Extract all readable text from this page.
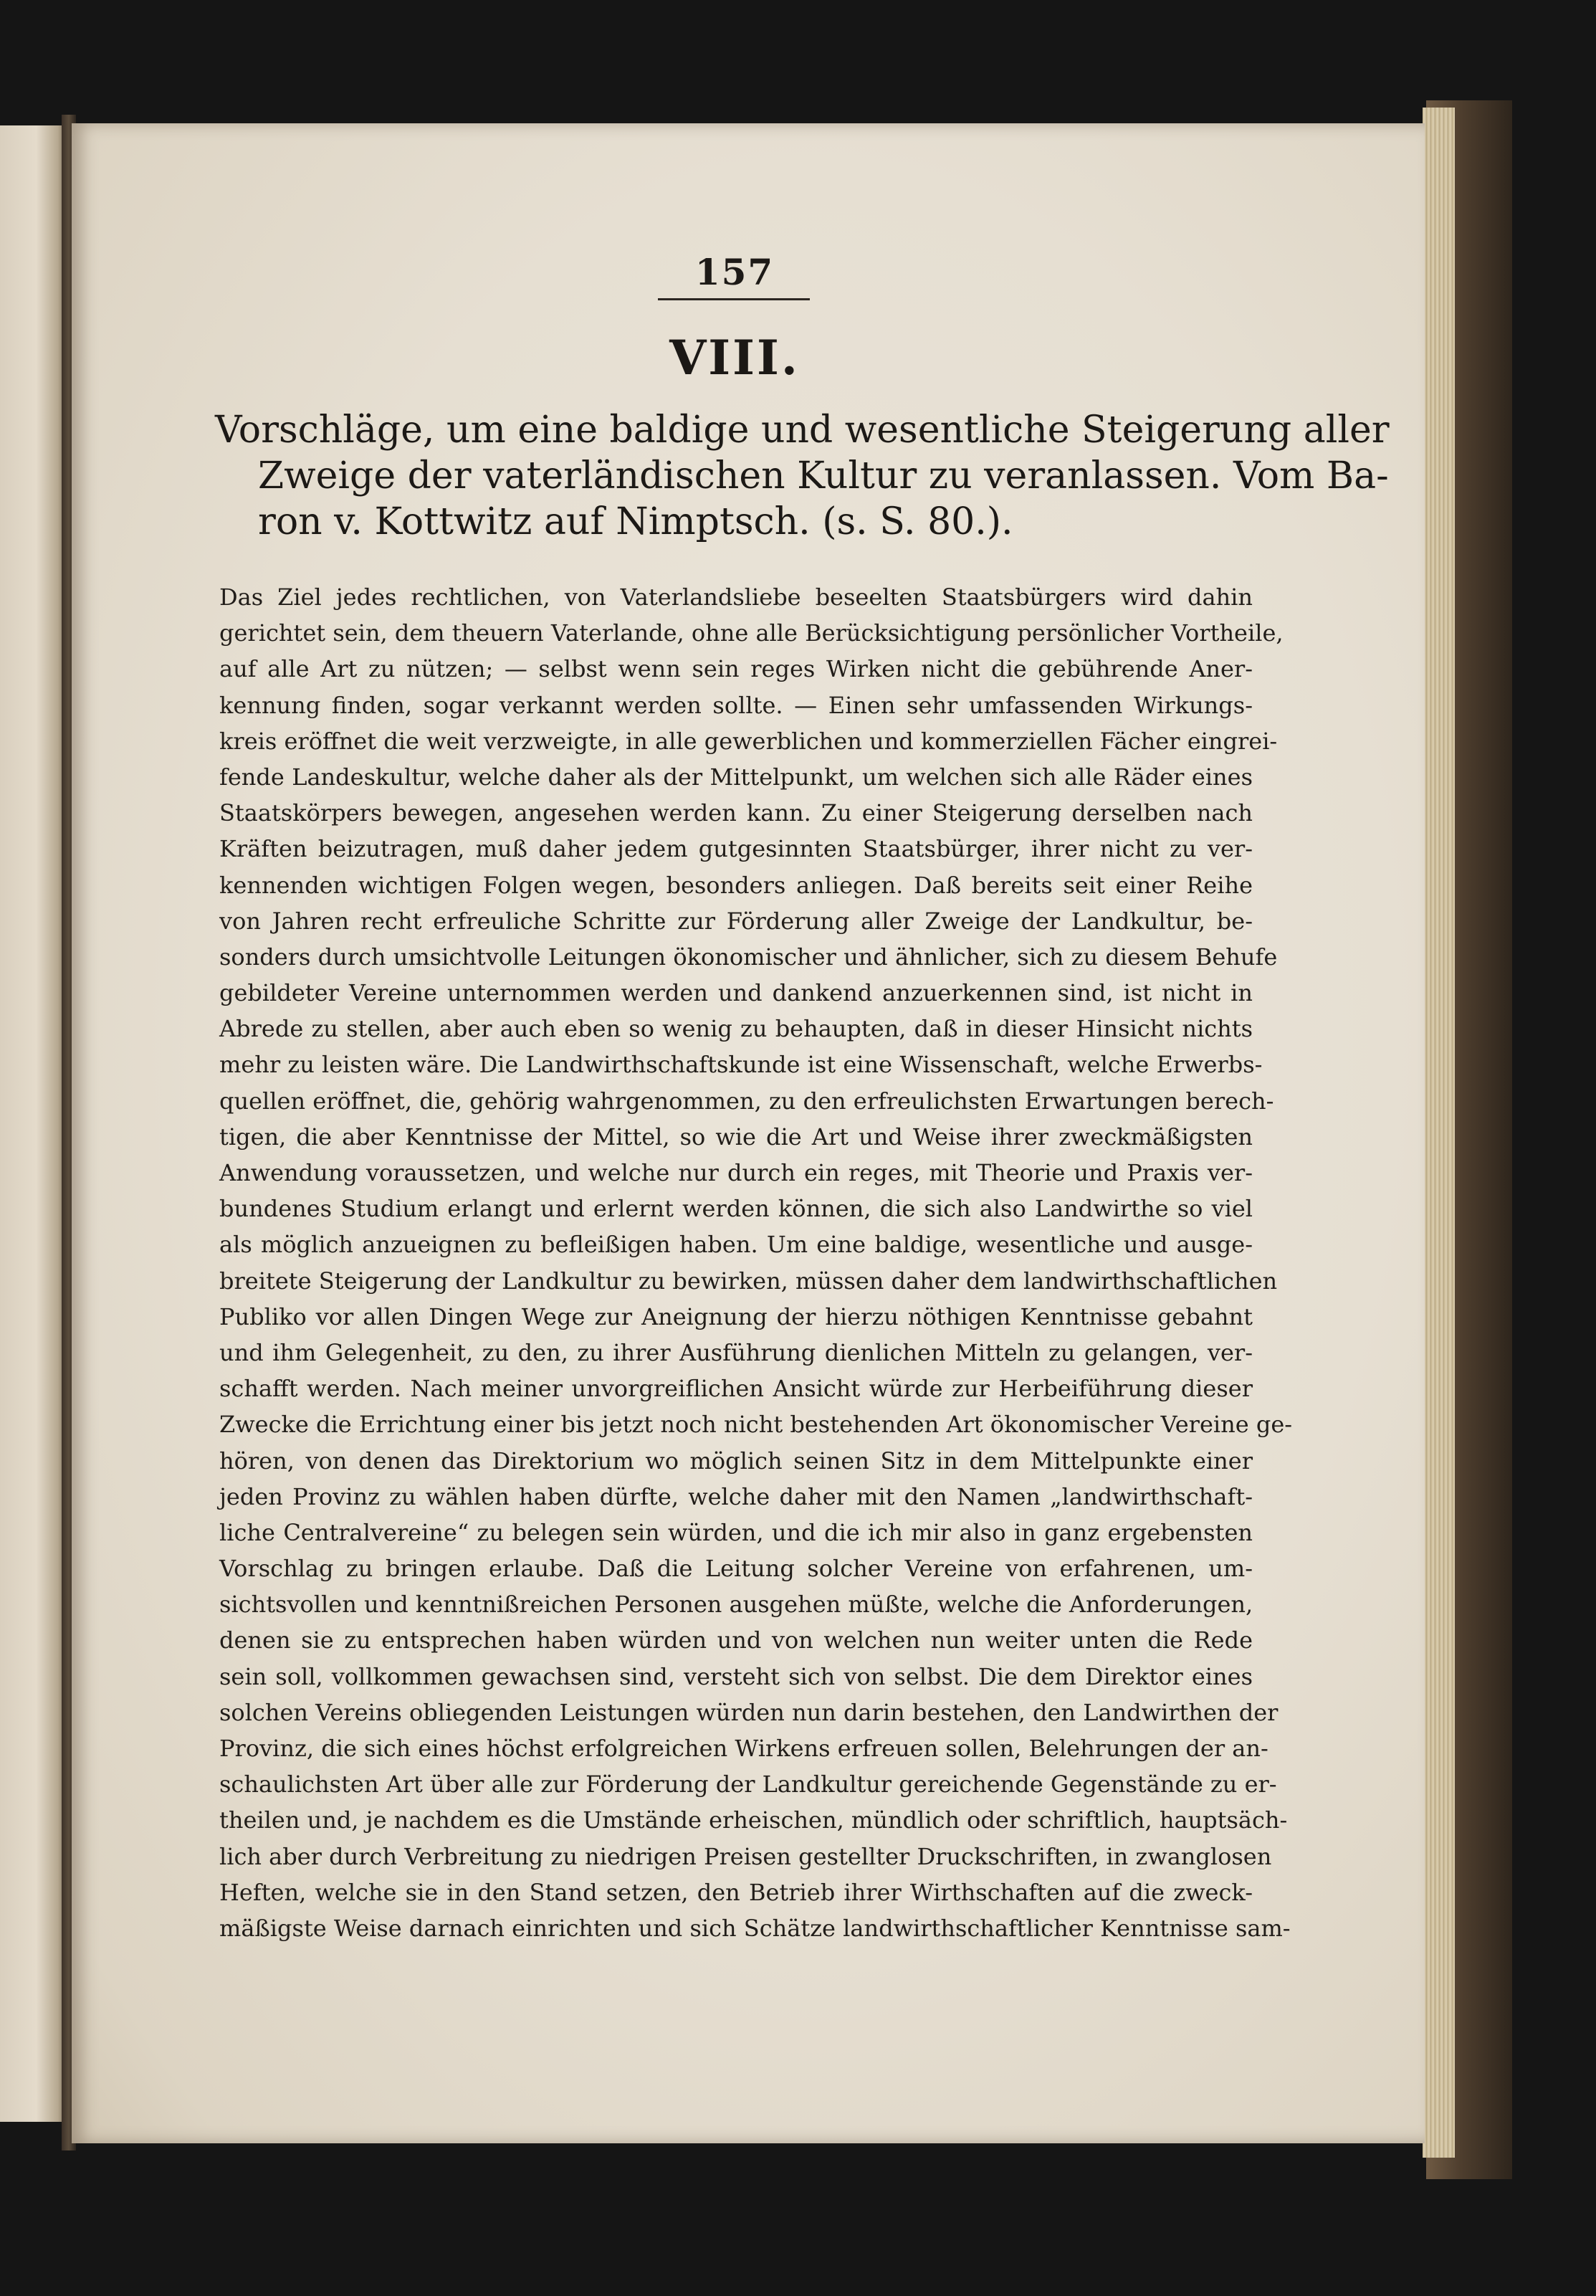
157
VIII.
Vorschläge, um eine baldige und wesentliche Steigerung aller
Zweige der vaterländischen Kultur zu veranlassen. Vom Ba-
ron v. Kottwitz auf Nimptsch. (s. S. 80.).
Das Ziel jedes rechtlichen, von Vaterlandsliebe beseelten Staatsbürgers wird dahin
gerichtet sein, dem theuern Vaterlande, ohne alle Berücksichtigung persönlicher Vortheile,
auf alle Art zu nützen; — selbst wenn sein reges Wirken nicht die gebührende Aner-
kennung finden, sogar verkannt werden sollte. — Einen sehr umfassenden Wirkungs-
kreis eröffnet die weit verzweigte, in alle gewerblichen und kommerziellen Fächer eingrei-
fende Landeskultur, welche daher als der Mittelpunkt, um welchen sich alle Räder eines
Staatskörpers bewegen, angesehen werden kann. Zu einer Steigerung derselben nach
Kräften beizutragen, muß daher jedem gutgesinnten Staatsbürger, ihrer nicht zu ver-
kennenden wichtigen Folgen wegen, besonders anliegen. Daß bereits seit einer Reihe
von Jahren recht erfreuliche Schritte zur Förderung aller Zweige der Landkultur, be-
sonders durch umsichtvolle Leitungen ökonomischer und ähnlicher, sich zu diesem Behufe
gebildeter Vereine unternommen werden und dankend anzuerkennen sind, ist nicht in
Abrede zu stellen, aber auch eben so wenig zu behaupten, daß in dieser Hinsicht nichts
mehr zu leisten wäre. Die Landwirthschaftskunde ist eine Wissenschaft, welche Erwerbs-
quellen eröffnet, die, gehörig wahrgenommen, zu den erfreulichsten Erwartungen berech-
tigen, die aber Kenntnisse der Mittel, so wie die Art und Weise ihrer zweckmäßigsten
Anwendung voraussetzen, und welche nur durch ein reges, mit Theorie und Praxis ver-
bundenes Studium erlangt und erlernt werden können, die sich also Landwirthe so viel
als möglich anzueignen zu befleißigen haben. Um eine baldige, wesentliche und ausge-
breitete Steigerung der Landkultur zu bewirken, müssen daher dem landwirthschaftlichen
Publiko vor allen Dingen Wege zur Aneignung der hierzu nöthigen Kenntnisse gebahnt
und ihm Gelegenheit, zu den, zu ihrer Ausführung dienlichen Mitteln zu gelangen, ver-
schafft werden. Nach meiner unvorgreiflichen Ansicht würde zur Herbeiführung dieser
Zwecke die Errichtung einer bis jetzt noch nicht bestehenden Art ökonomischer Vereine ge-
hören, von denen das Direktorium wo möglich seinen Sitz in dem Mittelpunkte einer
jeden Provinz zu wählen haben dürfte, welche daher mit den Namen „landwirthschaft-
liche Centralvereine“ zu belegen sein würden, und die ich mir also in ganz ergebensten
Vorschlag zu bringen erlaube. Daß die Leitung solcher Vereine von erfahrenen, um-
sichtsvollen und kenntnißreichen Personen ausgehen müßte, welche die Anforderungen,
denen sie zu entsprechen haben würden und von welchen nun weiter unten die Rede
sein soll, vollkommen gewachsen sind, versteht sich von selbst. Die dem Direktor eines
solchen Vereins obliegenden Leistungen würden nun darin bestehen, den Landwirthen der
Provinz, die sich eines höchst erfolgreichen Wirkens erfreuen sollen, Belehrungen der an-
schaulichsten Art über alle zur Förderung der Landkultur gereichende Gegenstände zu er-
theilen und, je nachdem es die Umstände erheischen, mündlich oder schriftlich, hauptsäch-
lich aber durch Verbreitung zu niedrigen Preisen gestellter Druckschriften, in zwanglosen
Heften, welche sie in den Stand setzen, den Betrieb ihrer Wirthschaften auf die zweck-
mäßigste Weise darnach einrichten und sich Schätze landwirthschaftlicher Kenntnisse sam-
